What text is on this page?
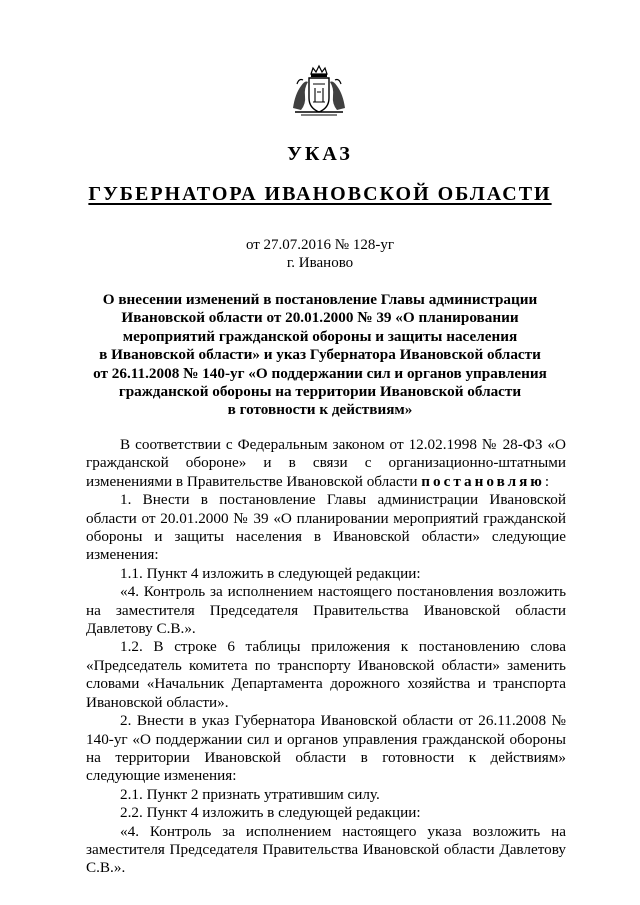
УКАЗ
ГУБЕРНАТОРА ИВАНОВСКОЙ ОБЛАСТИ
от 27.07.2016 № 128-уг
г. Иваново
О внесении изменений в постановление Главы администрации
Ивановской области от 20.01.2000 № 39 «О планировании
мероприятий гражданской обороны и защиты населения
в Ивановской области» и указ Губернатора Ивановской области
от 26.11.2008 № 140-уг «О поддержании сил и органов управления
гражданской обороны на территории Ивановской области
в готовности к действиям»

В соответствии с Федеральным законом от 12.02.1998 № 28-ФЗ «О гражданской обороне» и в связи с организационно-штатными изменениями в Правительстве Ивановской области постановляю:

1. Внести в постановление Главы администрации Ивановской области от 20.01.2000 № 39 «О планировании мероприятий гражданской обороны и защиты населения в Ивановской области» следующие изменения:

1.1. Пункт 4 изложить в следующей редакции:

«4. Контроль за исполнением настоящего постановления возложить на заместителя Председателя Правительства Ивановской области Давлетову С.В.».

1.2. В строке 6 таблицы приложения к постановлению слова «Председатель комитета по транспорту Ивановской области» заменить словами «Начальник Департамента дорожного хозяйства и транспорта Ивановской области».

2. Внести в указ Губернатора Ивановской области от 26.11.2008 № 140-уг «О поддержании сил и органов управления гражданской обороны на территории Ивановской области в готовности к действиям» следующие изменения:

2.1. Пункт 2 признать утратившим силу.

2.2. Пункт 4 изложить в следующей редакции:

«4. Контроль за исполнением настоящего указа возложить на заместителя Председателя Правительства Ивановской области Давлетову С.В.».
